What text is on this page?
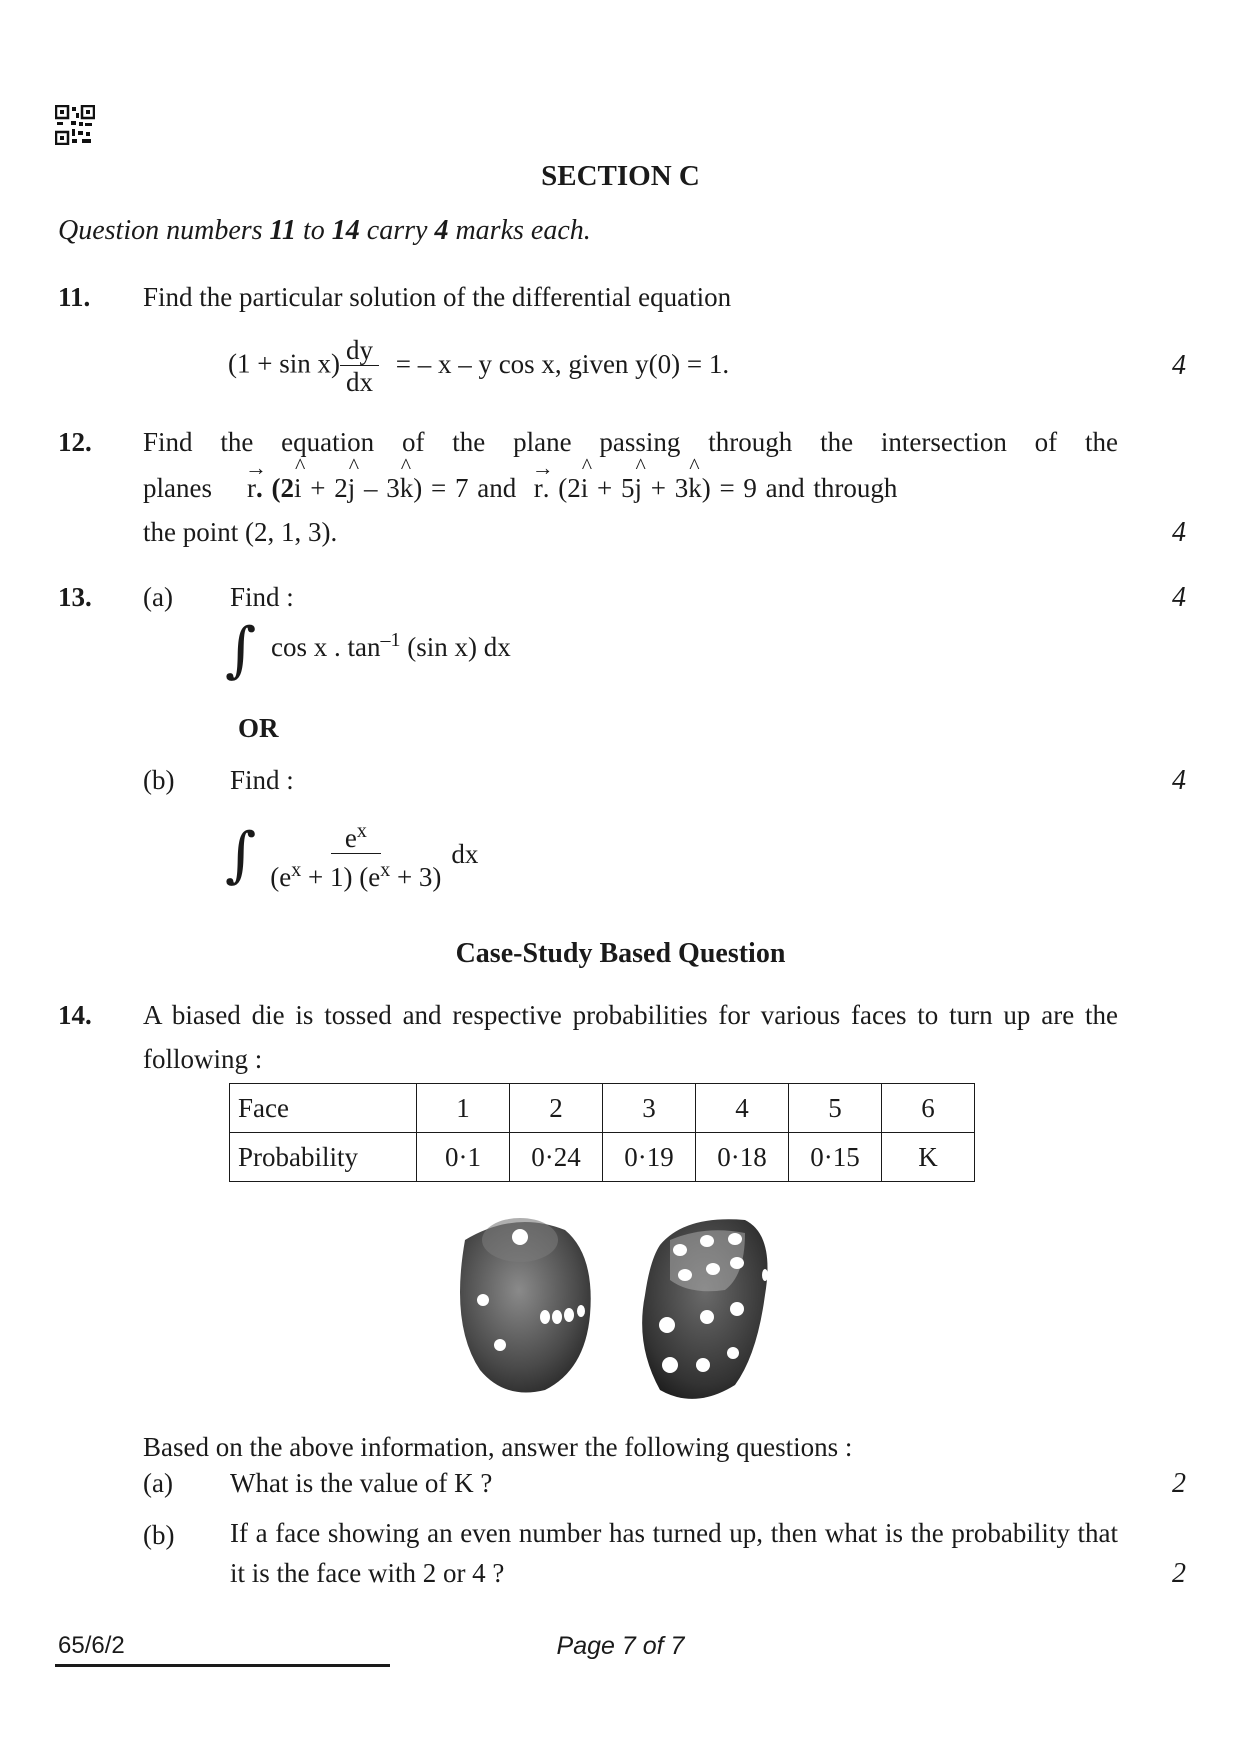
SECTION C
Question numbers 11 to 14 carry 4 marks each.
11. Find the particular solution of the differential equation
$(1 + \sin x) \frac{dy}{dx}$ = – x – y cos x, given y(0) = 1.	4
12. Find the equation of the plane passing through the intersection of the
planes
→
r. (2
^
i + 2
^
j – 3
^
k) = 7 and
→
r. (2
^
i + 5
^
j + 3
^
k) = 9 and through
the point (2, 1, 3).	4
13. (a) Find :	4
∫ cos x . $\tan^{-1} (\sin$ x) dx
OR
(b) Find :	4
∫ $\frac{e^x}{(e^x + 1) (e^x + 3)}$ dx
Case-Study Based Question
14. A biased die is tossed and respective probabilities for various faces to turn up are the following :
Face	1	2	3	4	5	6
Probability	0·1	0·24	0·19	0·18	0·15	K
Based on the above information, answer the following questions :
(a) What is the value of K ?	2
(b) If a face showing an even number has turned up, then what is the probability that it is the face with 2 or 4 ?	2
65/6/2	Page 7 of 7
